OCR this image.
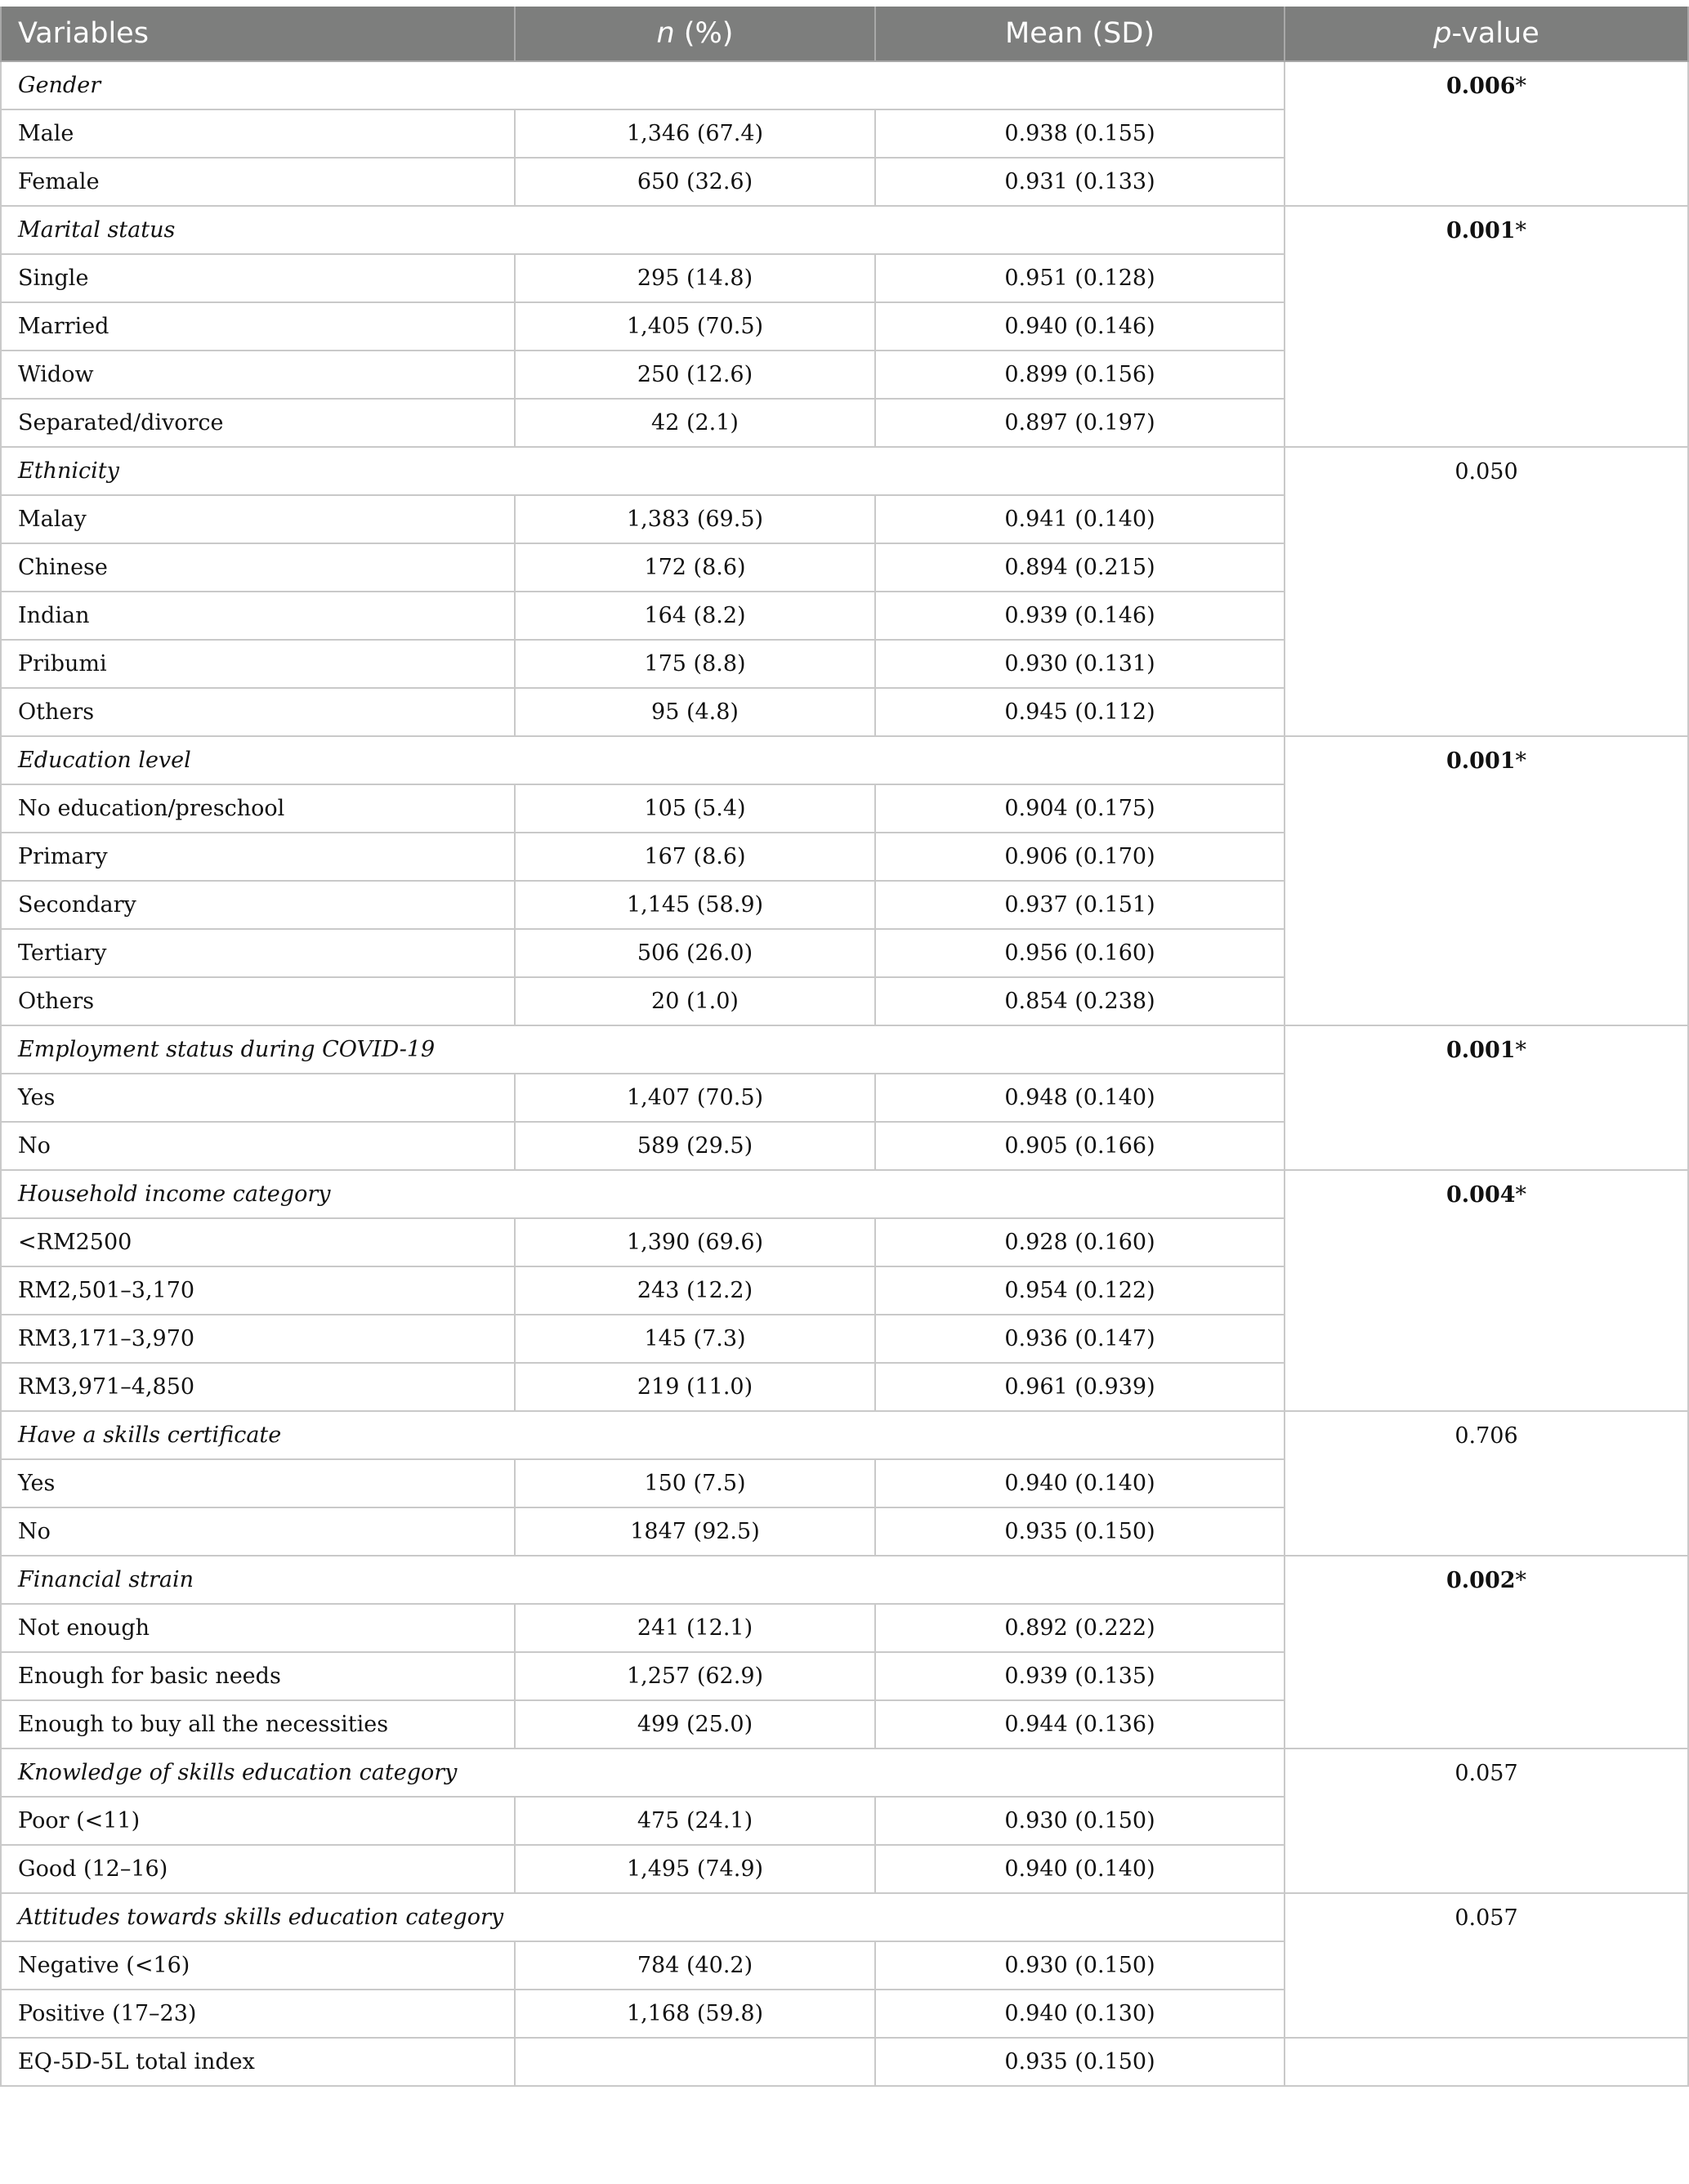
Variables	n (%)	Mean (SD)	p-value
Gender			0.006*
Male	1,346 (67.4)	0.938 (0.155)	
Female	650 (32.6)	0.931 (0.133)	
Marital status			0.001*
Single	295 (14.8)	0.951 (0.128)	
Married	1,405 (70.5)	0.940 (0.146)	
Widow	250 (12.6)	0.899 (0.156)	
Separated/divorce	42 (2.1)	0.897 (0.197)	
Ethnicity			0.050
Malay	1,383 (69.5)	0.941 (0.140)	
Chinese	172 (8.6)	0.894 (0.215)	
Indian	164 (8.2)	0.939 (0.146)	
Pribumi	175 (8.8)	0.930 (0.131)	
Others	95 (4.8)	0.945 (0.112)	
Education level			0.001*
No education/preschool	105 (5.4)	0.904 (0.175)	
Primary	167 (8.6)	0.906 (0.170)	
Secondary	1,145 (58.9)	0.937 (0.151)	
Tertiary	506 (26.0)	0.956 (0.160)	
Others	20 (1.0)	0.854 (0.238)	
Employment status during COVID-19			0.001*
Yes	1,407 (70.5)	0.948 (0.140)	
No	589 (29.5)	0.905 (0.166)	
Household income category			0.004*
<RM2500	1,390 (69.6)	0.928 (0.160)	
RM2,501–3,170	243 (12.2)	0.954 (0.122)	
RM3,171–3,970	145 (7.3)	0.936 (0.147)	
RM3,971–4,850	219 (11.0)	0.961 (0.939)	
Have a skills certificate			0.706
Yes	150 (7.5)	0.940 (0.140)	
No	1847 (92.5)	0.935 (0.150)	
Financial strain			0.002*
Not enough	241 (12.1)	0.892 (0.222)	
Enough for basic needs	1,257 (62.9)	0.939 (0.135)	
Enough to buy all the necessities	499 (25.0)	0.944 (0.136)	
Knowledge of skills education category			0.057
Poor (<11)	475 (24.1)	0.930 (0.150)	
Good (12–16)	1,495 (74.9)	0.940 (0.140)	
Attitudes towards skills education category			0.057
Negative (<16)	784 (40.2)	0.930 (0.150)	
Positive (17–23)	1,168 (59.8)	0.940 (0.130)	
EQ-5D-5L total index		0.935 (0.150)	
